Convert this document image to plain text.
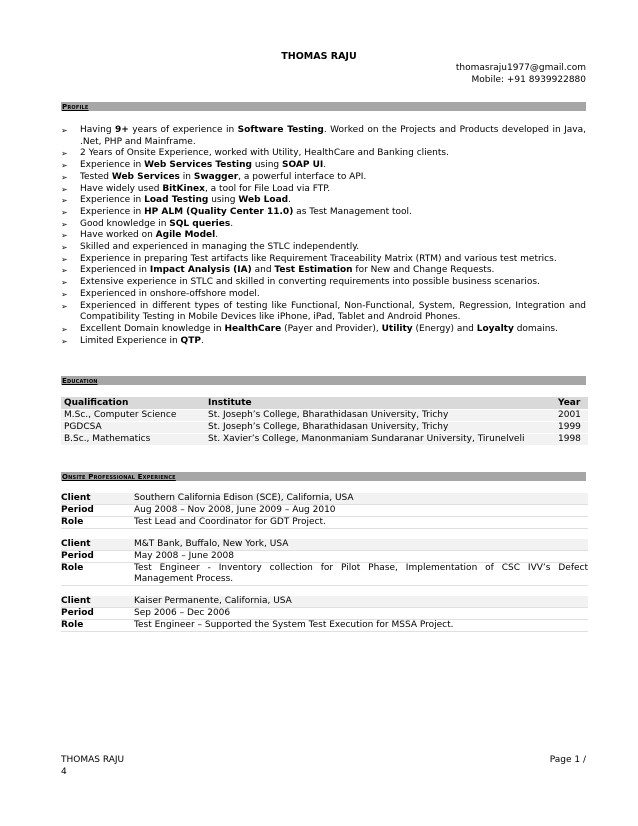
THOMAS RAJU
thomasraju1977@gmail.com
Mobile: +91 8939922880
Profile
➢ Having 9+ years of experience in Software Testing. Worked on the Projects and Products developed in Java, .Net, PHP and Mainframe.
➢ 2 Years of Onsite Experience, worked with Utility, HealthCare and Banking clients.
➢ Experience in Web Services Testing using SOAP UI.
➢ Tested Web Services in Swagger, a powerful interface to API.
➢ Have widely used BitKinex, a tool for File Load via FTP.
➢ Experience in Load Testing using Web Load.
➢ Experience in HP ALM (Quality Center 11.0) as Test Management tool.
➢ Good knowledge in SQL queries.
➢ Have worked on Agile Model.
➢ Skilled and experienced in managing the STLC independently.
➢ Experience in preparing Test artifacts like Requirement Traceability Matrix (RTM) and various test metrics.
➢ Experienced in Impact Analysis (IA) and Test Estimation for New and Change Requests.
➢ Extensive experience in STLC and skilled in converting requirements into possible business scenarios.
➢ Experienced in onshore-offshore model.
➢ Experienced in different types of testing like Functional, Non-Functional, System, Regression, Integration and Compatibility Testing in Mobile Devices like iPhone, iPad, Tablet and Android Phones.
➢ Excellent Domain knowledge in HealthCare (Payer and Provider), Utility (Energy) and Loyalty domains.
➢ Limited Experience in QTP.
Education
Qualification	Institute	Year
M.Sc., Computer Science	St. Joseph’s College, Bharathidasan University, Trichy	2001
PGDCSA	St. Joseph’s College, Bharathidasan University, Trichy	1999
B.Sc., Mathematics	St. Xavier’s College, Manonmaniam Sundaranar University, Tirunelveli	1998
Onsite Professional Experience
Client	Southern California Edison (SCE), California, USA
Period	Aug 2008 – Nov 2008, June 2009 – Aug 2010
Role	Test Lead and Coordinator for GDT Project.
Client	M&T Bank, Buffalo, New York, USA
Period	May 2008 – June 2008
Role	Test Engineer - Inventory collection for Pilot Phase, Implementation of CSC IVV’s Defect Management Process.
Client	Kaiser Permanente, California, USA
Period	Sep 2006 – Dec 2006
Role	Test Engineer – Supported the System Test Execution for MSSA Project.
THOMAS RAJU	Page 1 /
4
